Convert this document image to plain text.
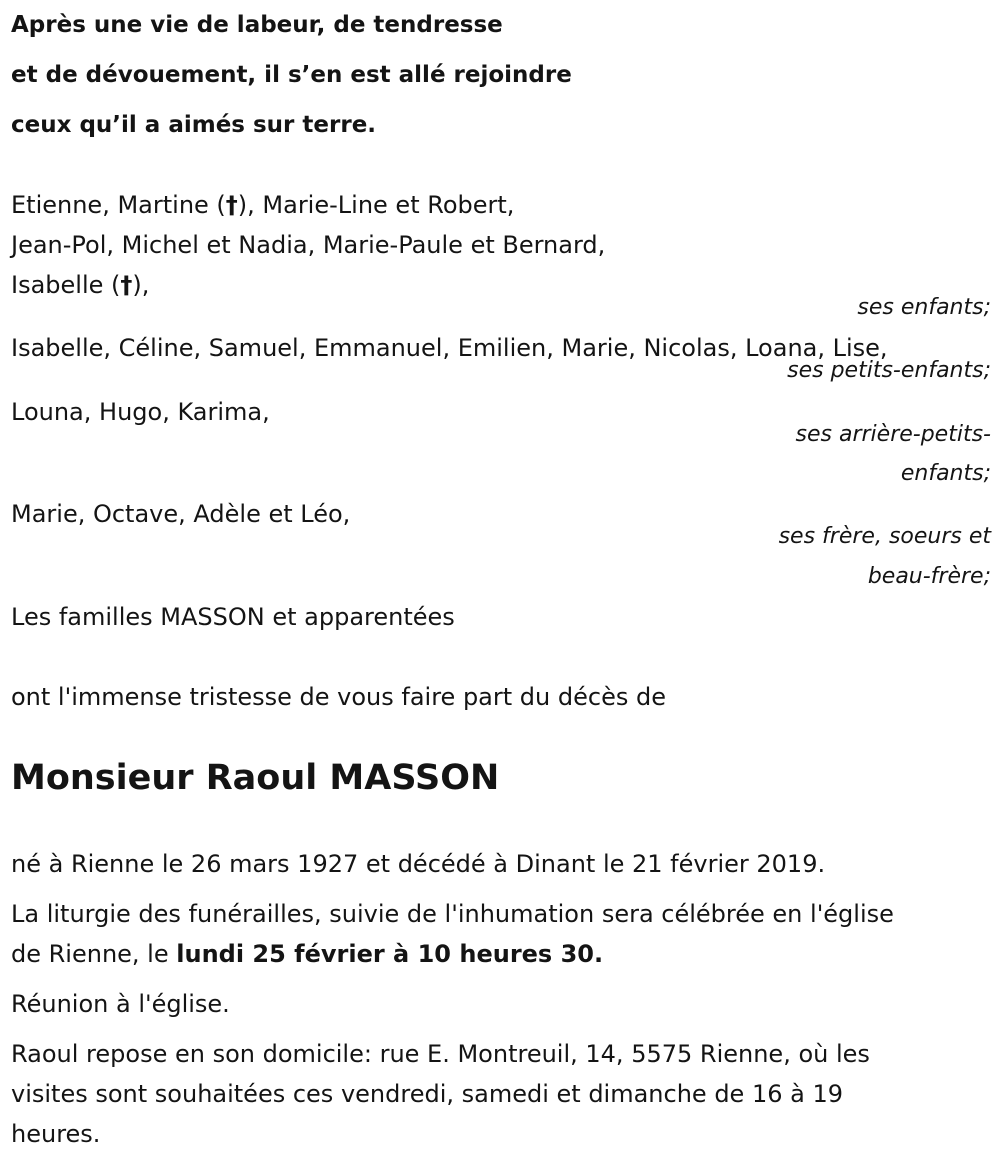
Après une vie de labeur, de tendresse
et de dévouement, il s’en est allé rejoindre
ceux qu’il a aimés sur terre.
Etienne, Martine (†), Marie-Line et Robert,
Jean-Pol, Michel et Nadia, Marie-Paule et Bernard,
Isabelle (†),
ses enfants;
Isabelle, Céline, Samuel, Emmanuel, Emilien, Marie, Nicolas, Loana, Lise,
ses petits-enfants;
Louna, Hugo, Karima,
ses arrière-petits-
enfants;
Marie, Octave, Adèle et Léo,
ses frère, soeurs et
beau-frère;
Les familles MASSON et apparentées
ont l'immense tristesse de vous faire part du décès de
Monsieur Raoul MASSON
né à Rienne le 26 mars 1927 et décédé à Dinant le 21 février 2019.
La liturgie des funérailles, suivie de l'inhumation sera célébrée en l'église
de Rienne, le lundi 25 février à 10 heures 30.
Réunion à l'église.
Raoul repose en son domicile: rue E. Montreuil, 14, 5575 Rienne, où les
visites sont souhaitées ces vendredi, samedi et dimanche de 16 à 19
heures.
